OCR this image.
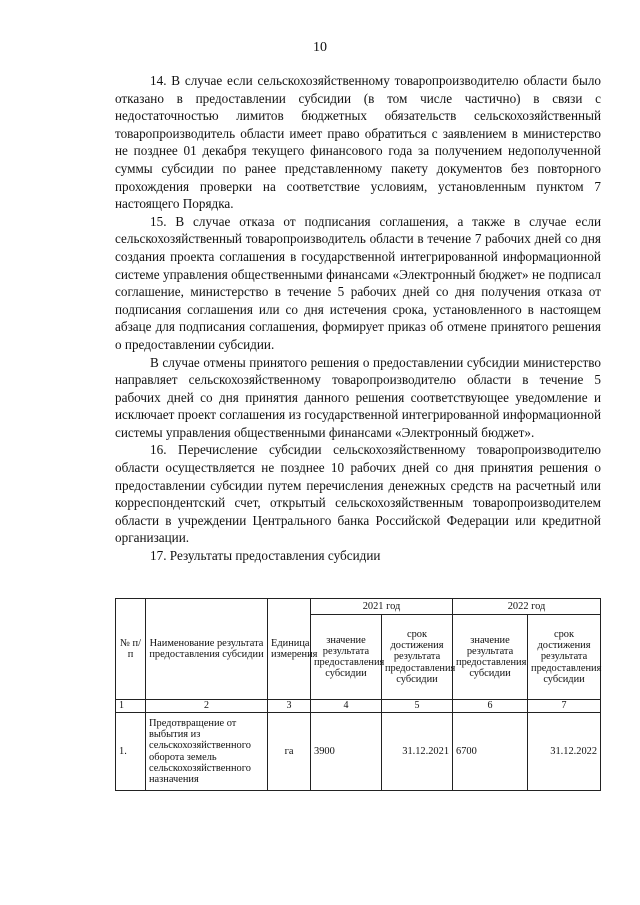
10

14. В случае если сельскохозяйственному товаропроизводителю области было отказано в предоставлении субсидии (в том числе частично) в связи с недостаточностью лимитов бюджетных обязательств сельскохозяйственный товаропроизводитель области имеет право обратиться с заявлением в министерство не позднее 01 декабря текущего финансового года за получением недополученной суммы субсидии по ранее представленному пакету документов без повторного прохождения проверки на соответствие условиям, установленным пунктом 7 настоящего Порядка.

15. В случае отказа от подписания соглашения, а также в случае если сельскохозяйственный товаропроизводитель области в течение 7 рабочих дней со дня создания проекта соглашения в государственной интегрированной информационной системе управления общественными финансами «Электронный бюджет» не подписал соглашение, министерство в течение 5 рабочих дней со дня получения отказа от подписания соглашения или со дня истечения срока, установленного в настоящем абзаце для подписания соглашения, формирует приказ об отмене принятого решения о предоставлении субсидии.

В случае отмены принятого решения о предоставлении субсидии министерство направляет сельскохозяйственному товаропроизводителю области в течение 5 рабочих дней со дня принятия данного решения соответствующее уведомление и исключает проект соглашения из государственной интегрированной информационной системы управления общественными финансами «Электронный бюджет».

16. Перечисление субсидии сельскохозяйственному товаропроизводителю области осуществляется не позднее 10 рабочих дней со дня принятия решения о предоставлении субсидии путем перечисления денежных средств на расчетный или корреспондентский счет, открытый сельскохозяйственным товаропроизводителем области в учреждении Центрального банка Российской Федерации или кредитной организации.

17. Результаты предоставления субсидии

№ п/п	Наименование результата предоставления субсидии	Единица измерения	2021 год		2022 год	
			значение результата предоставления субсидии	срок достижения результата предоставления субсидии	значение результата предоставления субсидии	срок достижения результата предоставления субсидии
1	2	3	4	5	6	7
1.	Предотвращение от выбытия из сельскохозяйственного оборота земель сельскохозяйственного назначения	га	3900	31.12.2021	6700	31.12.2022
